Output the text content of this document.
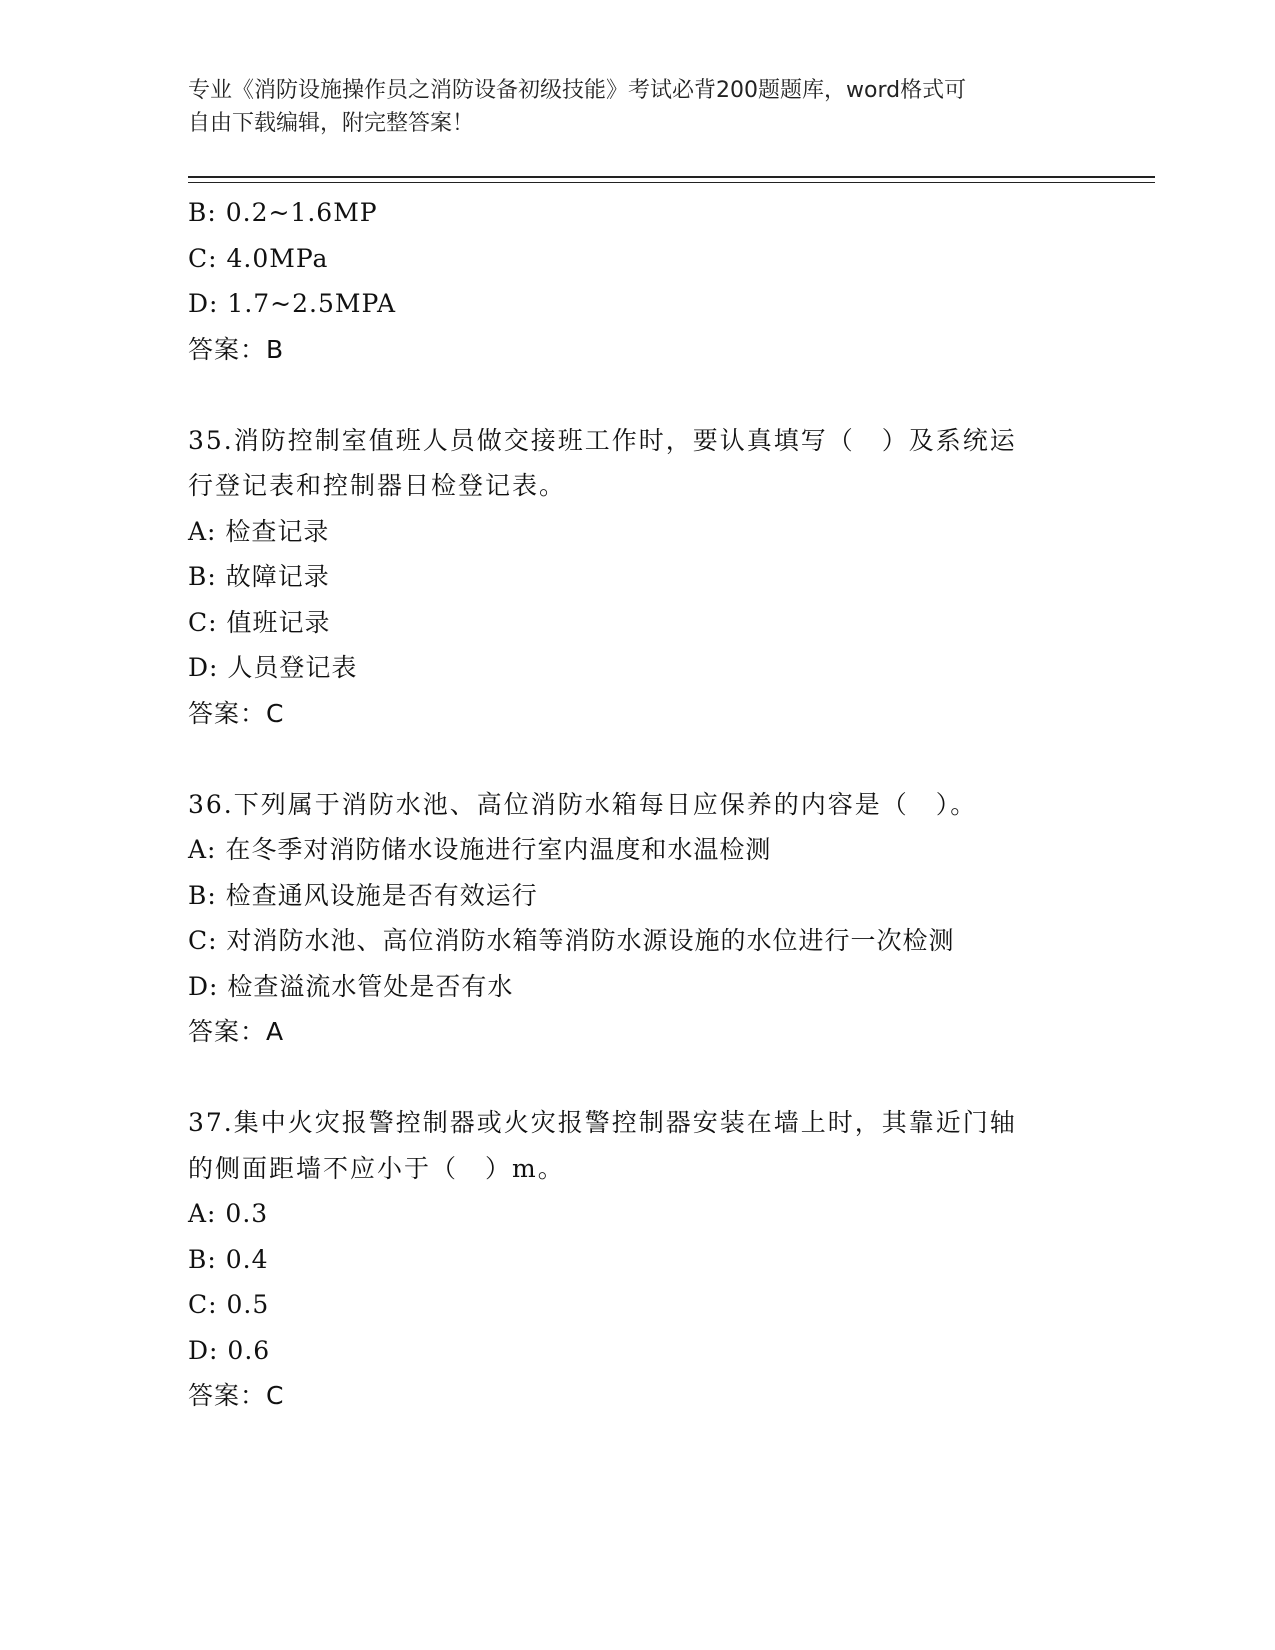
专业《消防设施操作员之消防设备初级技能》考试必背200题题库，word格式可
自由下载编辑，附完整答案！
B: 0.2~1.6MP
C: 4.0MPa
D: 1.7~2.5MPA
答案：B
35.消防控制室值班人员做交接班工作时，要认真填写（　）及系统运
行登记表和控制器日检登记表。
A: 检查记录
B: 故障记录
C: 值班记录
D: 人员登记表
答案：C
36.下列属于消防水池、高位消防水箱每日应保养的内容是（　）。
A: 在冬季对消防储水设施进行室内温度和水温检测
B: 检查通风设施是否有效运行
C: 对消防水池、高位消防水箱等消防水源设施的水位进行一次检测
D: 检查溢流水管处是否有水
答案：A
37.集中火灾报警控制器或火灾报警控制器安装在墙上时，其靠近门轴
的侧面距墙不应小于（　）m。
A: 0.3
B: 0.4
C: 0.5
D: 0.6
答案：C
